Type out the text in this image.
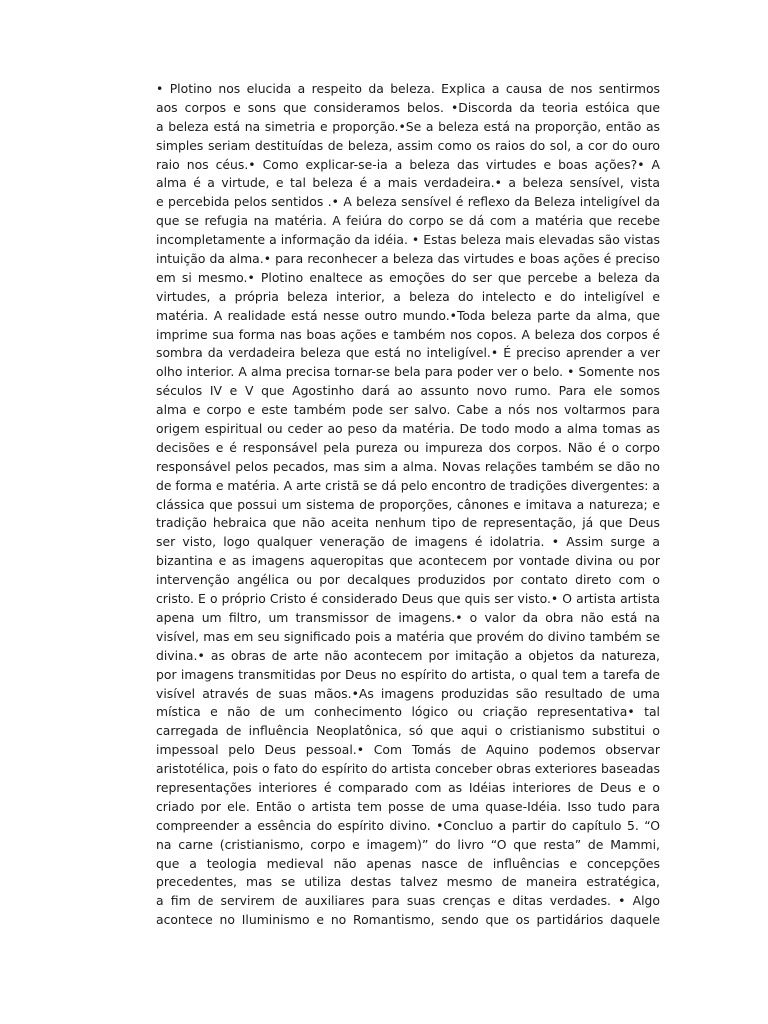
• Plotino nos elucida a respeito da beleza. Explica a causa de nos sentirmos
aos corpos e sons que consideramos belos. •Discorda da teoria estóica que
a beleza está na simetria e proporção.•Se a beleza está na proporção, então as
simples seriam destituídas de beleza, assim como os raios do sol, a cor do ouro
raio nos céus.• Como explicar-se-ia a beleza das virtudes e boas ações?• A
alma é a virtude, e tal beleza é a mais verdadeira.• a beleza sensível, vista
e percebida pelos sentidos .• A beleza sensível é reflexo da Beleza inteligível da
que se refugia na matéria. A feiúra do corpo se dá com a matéria que recebe
incompletamente a informação da idéia. • Estas beleza mais elevadas são vistas
intuição da alma.• para reconhecer a beleza das virtudes e boas ações é preciso
em si mesmo.• Plotino enaltece as emoções do ser que percebe a beleza da
virtudes, a própria beleza interior, a beleza do intelecto e do inteligível e
matéria. A realidade está nesse outro mundo.•Toda beleza parte da alma, que
imprime sua forma nas boas ações e também nos copos. A beleza dos corpos é
sombra da verdadeira beleza que está no inteligível.• É preciso aprender a ver
olho interior. A alma precisa tornar-se bela para poder ver o belo. • Somente nos
séculos IV e V que Agostinho dará ao assunto novo rumo. Para ele somos
alma e corpo e este também pode ser salvo. Cabe a nós nos voltarmos para
origem espiritual ou ceder ao peso da matéria. De todo modo a alma tomas as
decisões e é responsável pela pureza ou impureza dos corpos. Não é o corpo
responsável pelos pecados, mas sim a alma. Novas relações também se dão no
de forma e matéria. A arte cristã se dá pelo encontro de tradições divergentes: a
clássica que possui um sistema de proporções, cânones e imitava a natureza; e
tradição hebraica que não aceita nenhum tipo de representação, já que Deus
ser visto, logo qualquer veneração de imagens é idolatria. • Assim surge a
bizantina e as imagens aqueropitas que acontecem por vontade divina ou por
intervenção angélica ou por decalques produzidos por contato direto com o
cristo. E o próprio Cristo é considerado Deus que quis ser visto.• O artista artista
apena um filtro, um transmissor de imagens.• o valor da obra não está na
visível, mas em seu significado pois a matéria que provém do divino também se
divina.• as obras de arte não acontecem por imitação a objetos da natureza,
por imagens transmitidas por Deus no espírito do artista, o qual tem a tarefa de
visível através de suas mãos.•As imagens produzidas são resultado de uma
mística e não de um conhecimento lógico ou criação representativa• tal
carregada de influência Neoplatônica, só que aqui o cristianismo substitui o
impessoal pelo Deus pessoal.• Com Tomás de Aquino podemos observar
aristotélica, pois o fato do espírito do artista conceber obras exteriores baseadas
representações interiores é comparado com as Idéias interiores de Deus e o
criado por ele. Então o artista tem posse de uma quase-Idéia. Isso tudo para
compreender a essência do espírito divino. •Concluo a partir do capítulo 5. “O
na carne (cristianismo, corpo e imagem)” do livro “O que resta” de Mammi,
que a teologia medieval não apenas nasce de influências e concepções
precedentes, mas se utiliza destas talvez mesmo de maneira estratégica,
a fim de servirem de auxiliares para suas crenças e ditas verdades. • Algo
acontece no Iluminismo e no Romantismo, sendo que os partidários daquele
